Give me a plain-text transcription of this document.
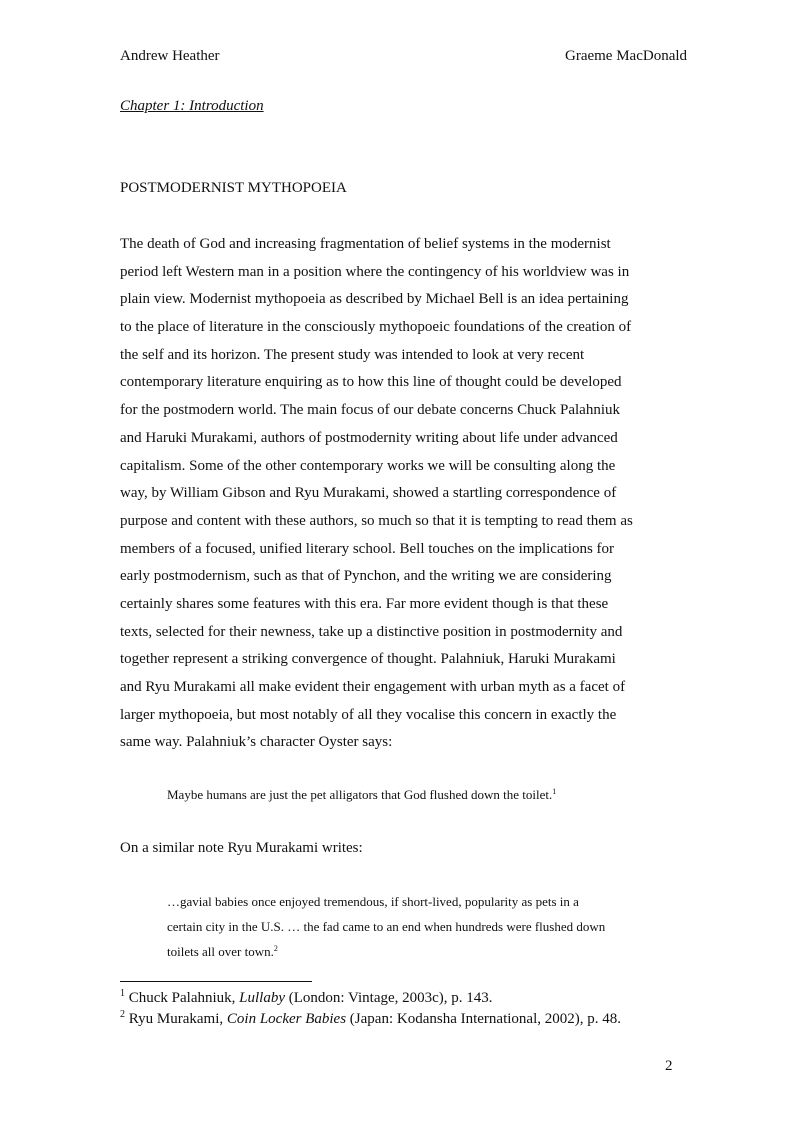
Andrew Heather	Graeme MacDonald
Chapter 1: Introduction
POSTMODERNIST MYTHOPOEIA
The death of God and increasing fragmentation of belief systems in the modernist
period left Western man in a position where the contingency of his worldview was in
plain view. Modernist mythopoeia as described by Michael Bell is an idea pertaining
to the place of literature in the consciously mythopoeic foundations of the creation of
the self and its horizon. The present study was intended to look at very recent
contemporary literature enquiring as to how this line of thought could be developed
for the postmodern world. The main focus of our debate concerns Chuck Palahniuk
and Haruki Murakami, authors of postmodernity writing about life under advanced
capitalism. Some of the other contemporary works we will be consulting along the
way, by William Gibson and Ryu Murakami, showed a startling correspondence of
purpose and content with these authors, so much so that it is tempting to read them as
members of a focused, unified literary school. Bell touches on the implications for
early postmodernism, such as that of Pynchon, and the writing we are considering
certainly shares some features with this era. Far more evident though is that these
texts, selected for their newness, take up a distinctive position in postmodernity and
together represent a striking convergence of thought. Palahniuk, Haruki Murakami
and Ryu Murakami all make evident their engagement with urban myth as a facet of
larger mythopoeia, but most notably of all they vocalise this concern in exactly the
same way. Palahniuk’s character Oyster says:
Maybe humans are just the pet alligators that God flushed down the toilet.$^1$
On a similar note Ryu Murakami writes:
…gavial babies once enjoyed tremendous, if short-lived, popularity as pets in a
certain city in the U.S. … the fad came to an end when hundreds were flushed down
toilets all over town.$^2$
$^1$ Chuck Palahniuk, Lullaby (London: Vintage, 2003c), p. 143.
$^2$ Ryu Murakami, Coin Locker Babies (Japan: Kodansha International, 2002), p. 48.
2
